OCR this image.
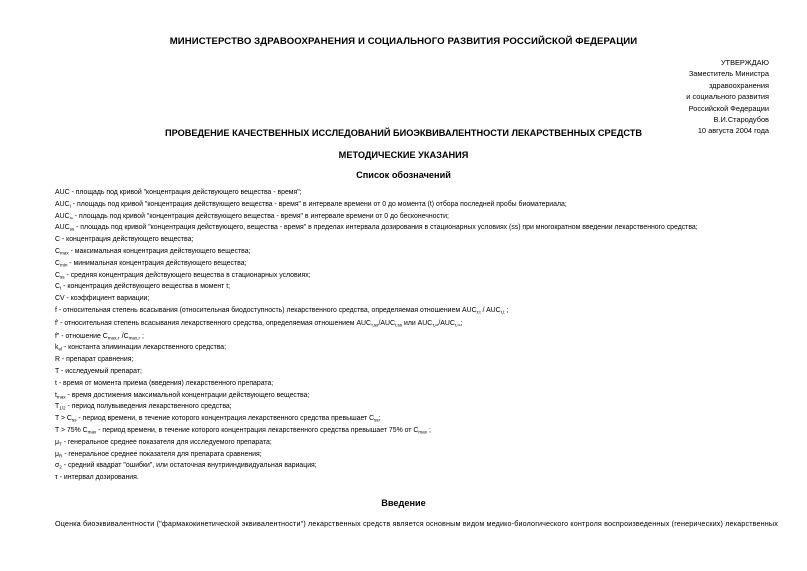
МИНИСТЕРСТВО ЗДРАВООХРАНЕНИЯ И СОЦИАЛЬНОГО РАЗВИТИЯ РОССИЙСКОЙ ФЕДЕРАЦИИ
УТВЕРЖДАЮ
Заместитель Министра
здравоохранения
и социального развития
Российской Федерации
В.И.Стародубов
10 августа 2004 года
ПРОВЕДЕНИЕ КАЧЕСТВЕННЫХ ИССЛЕДОВАНИЙ БИОЭКВИВАЛЕНТНОСТИ ЛЕКАРСТВЕННЫХ СРЕДСТВ
МЕТОДИЧЕСКИЕ УКАЗАНИЯ
Список обозначений
AUC - площадь под кривой "концентрация действующего вещества - время";
$AUC_t$ - площадь под кривой "концентрация действующего вещества - время" в интервале времени от 0 до момента (t) отбора последней пробы биоматериала;
$AUC_\infty$ - площадь под кривой "концентрация действующего вещества - время" в интервале времени от 0 до бесконечности;
$AUC_{ss}$ - площадь под кривой "концентрация действующего, вещества - время" в пределах интервала дозирования в стационарных условиях (ss) при многократном введении лекарственного средства;
C - концентрация действующего вещества;
$C_{max}$ - максимальная концентрация действующего вещества;
$C_{min}$ - минимальная концентрация действующего вещества;
$C_{ss}$ - средняя концентрация действующего вещества в стационарных условиях;
$C_t$ - концентрация действующего вещества в момент t;
CV - коэффициент вариации;
f - относительная степень всасывания (относительная биодоступность) лекарственного средства, определяемая отношением $AUC_{т,t} / AUC_{r,t}$ ;
f' - относительная степень всасывания лекарственного средства, определяемая отношением $AUC_{т,ss}/AUC_{r,ss}$ или $AUC_{т,\infty}/AUC_{r,\infty}$;
f" - отношение $C_{max,т}$ $/C_{max,r}$ ;
$k_{el}$ - константа элиминации лекарственного средства;
R - препарат сравнения;
T - исследуемый препарат;
t - время от момента приема (введения) лекарственного препарата;
$t_{max}$ - время достижения максимальной концентрации действующего вещества;
$T_{1/2}$ - период полувыведения лекарственного средства;
$T > C_{ss}$ - период времени, в течение которого концентрация лекарственного средства превышает $C_{ss}$;
T > 75% $C_{max}$ - период времени, в течение которого концентрация лекарственного средства превышает 75% от $C_{max}$ ;
$\mu_T$ - генеральное среднее показателя для исследуемого препарата;
$\mu_R$ - генеральное среднее показателя для препарата сравнения;
$\sigma_2$ - средний квадрат "ошибки", или остаточная внутрииндивидуальная вариация;
τ - интервал дозирования.
Введение
Оценка биоэквивалентности ("фармакокинетической эквивалентности") лекарственных средств является основным видом медико-биологического контроля воспроизведенных (генерических) лекарственных
